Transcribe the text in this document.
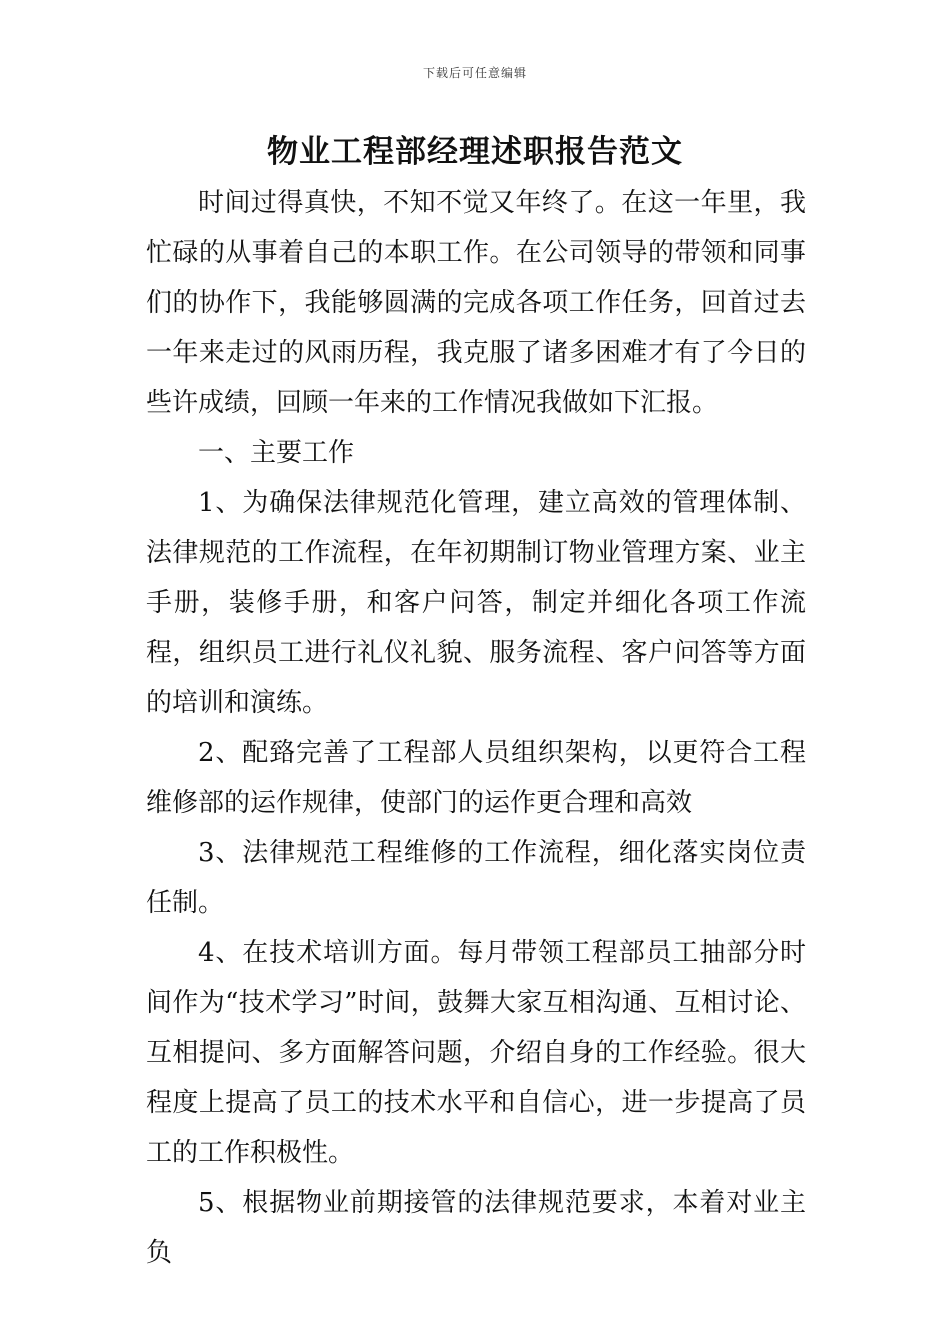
下载后可任意编辑
物业工程部经理述职报告范文

时间过得真快，不知不觉又年终了。在这一年里，我忙碌的从事着自己的本职工作。在公司领导的带领和同事们的协作下，我能够圆满的完成各项工作任务，回首过去一年来走过的风雨历程，我克服了诸多困难才有了今日的些许成绩，回顾一年来的工作情况我做如下汇报。

一、主要工作

1、为确保法律规范化管理，建立高效的管理体制、法律规范的工作流程，在年初期制订物业管理方案、业主手册，装修手册，和客户问答，制定并细化各项工作流程，组织员工进行礼仪礼貌、服务流程、客户问答等方面的培训和演练。

2、配臵完善了工程部人员组织架构，以更符合工程维修部的运作规律，使部门的运作更合理和高效

3、法律规范工程维修的工作流程，细化落实岗位责任制。

4、在技术培训方面。每月带领工程部员工抽部分时间作为“技术学习”时间，鼓舞大家互相沟通、互相讨论、互相提问、多方面解答问题，介绍自身的工作经验。很大程度上提高了员工的技术水平和自信心，进一步提高了员工的工作积极性。

5、根据物业前期接管的法律规范要求，本着对业主负
